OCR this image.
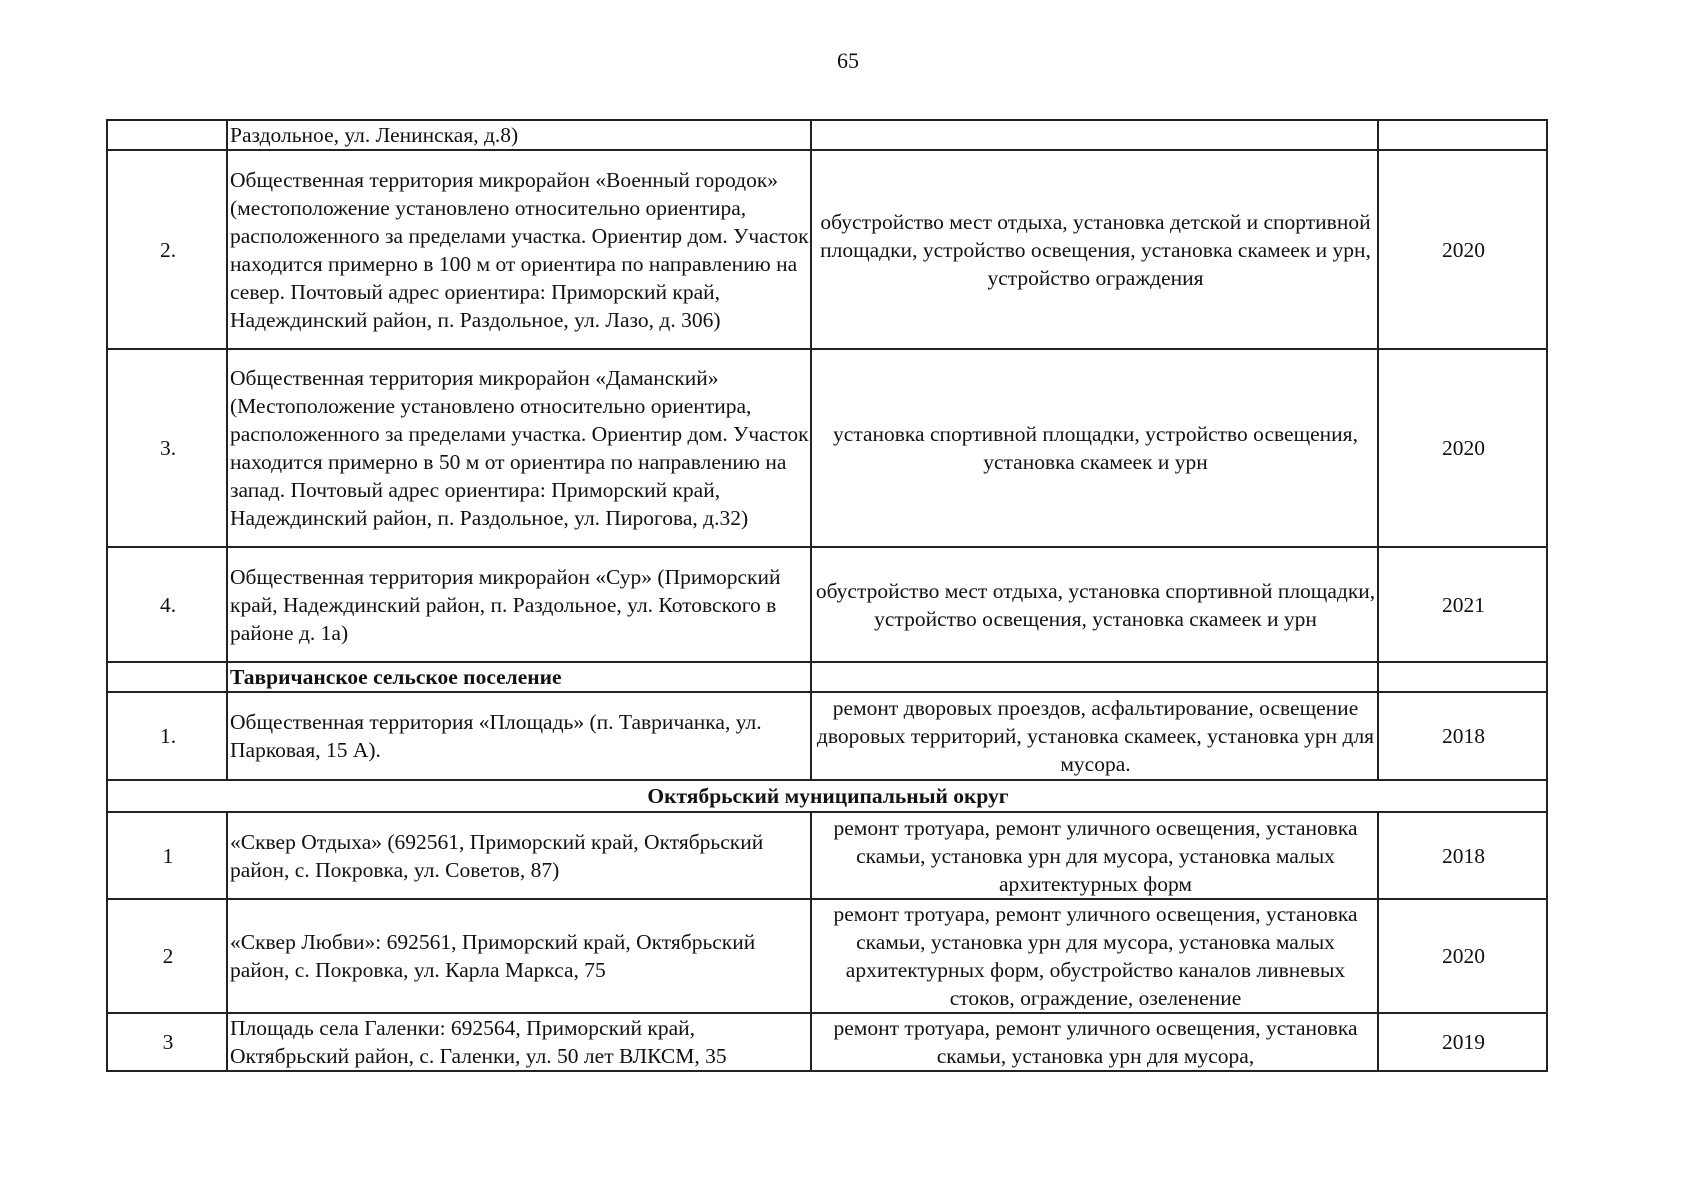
65
	Раздольное, ул. Ленинская, д.8)		
2.	Общественная территория микрорайон «Военный городок» (местоположение установлено относительно ориентира, расположенного за пределами участка. Ориентир дом. Участок находится примерно в 100 м от ориентира по направлению на север. Почтовый адрес ориентира: Приморский край, Надеждинский район, п. Раздольное, ул. Лазо, д. 306)	обустройство мест отдыха, установка детской и спортивной площадки, устройство освещения, установка скамеек и урн, устройство ограждения	2020
3.	Общественная территория микрорайон «Даманский» (Местоположение установлено относительно ориентира, расположенного за пределами участка. Ориентир дом. Участок находится примерно в 50 м от ориентира по направлению на запад. Почтовый адрес ориентира: Приморский край, Надеждинский район, п. Раздольное, ул. Пирогова, д.32)	установка спортивной площадки, устройство освещения, установка скамеек и урн	2020
4.	Общественная территория микрорайон «Сур» (Приморский край, Надеждинский район, п. Раздольное, ул. Котовского в районе д. 1а)	обустройство мест отдыха, установка спортивной площадки, устройство освещения, установка скамеек и урн	2021
	Тавричанское сельское поселение		
1.	Общественная территория «Площадь» (п. Тавричанка, ул. Парковая, 15 А).	ремонт дворовых проездов, асфальтирование, освещение дворовых территорий, установка скамеек, установка урн для мусора.	2018
Октябрьский муниципальный округ			
1	«Сквер Отдыха» (692561, Приморский край, Октябрьский район, с. Покровка, ул. Советов, 87)	ремонт тротуара, ремонт уличного освещения, установка скамьи, установка урн для мусора, установка малых архитектурных форм	2018
2	«Сквер Любви»: 692561, Приморский край, Октябрьский район, с. Покровка, ул. Карла Маркса, 75	ремонт тротуара, ремонт уличного освещения, установка скамьи, установка урн для мусора, установка малых архитектурных форм, обустройство каналов ливневых стоков, ограждение, озеленение	2020
3	Площадь села Галенки: 692564, Приморский край, Октябрьский район, с. Галенки, ул. 50 лет ВЛКСМ, 35	ремонт тротуара, ремонт уличного освещения, установка скамьи, установка урн для мусора,	2019
